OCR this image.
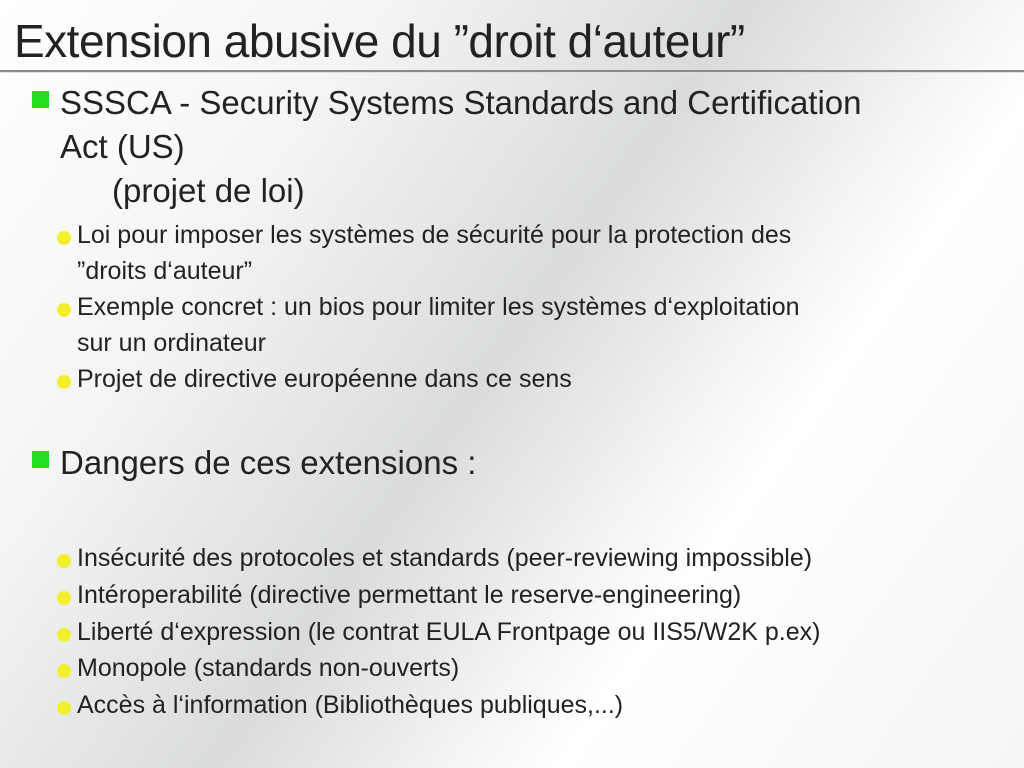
Extension abusive du ”droit d‘auteur”
SSSCA - Security Systems Standards and Certification
Act (US)
(projet de loi)
Loi pour imposer les systèmes de sécurité pour la protection des
”droits d‘auteur”
Exemple concret : un bios pour limiter les systèmes d‘exploitation
sur un ordinateur
Projet de directive européenne dans ce sens
Dangers de ces extensions :
Insécurité des protocoles et standards (peer-reviewing impossible)
Intéroperabilité (directive permettant le reserve-engineering)
Liberté d‘expression (le contrat EULA Frontpage ou IIS5/W2K p.ex)
Monopole (standards non-ouverts)
Accès à l‘information (Bibliothèques publiques,...)
